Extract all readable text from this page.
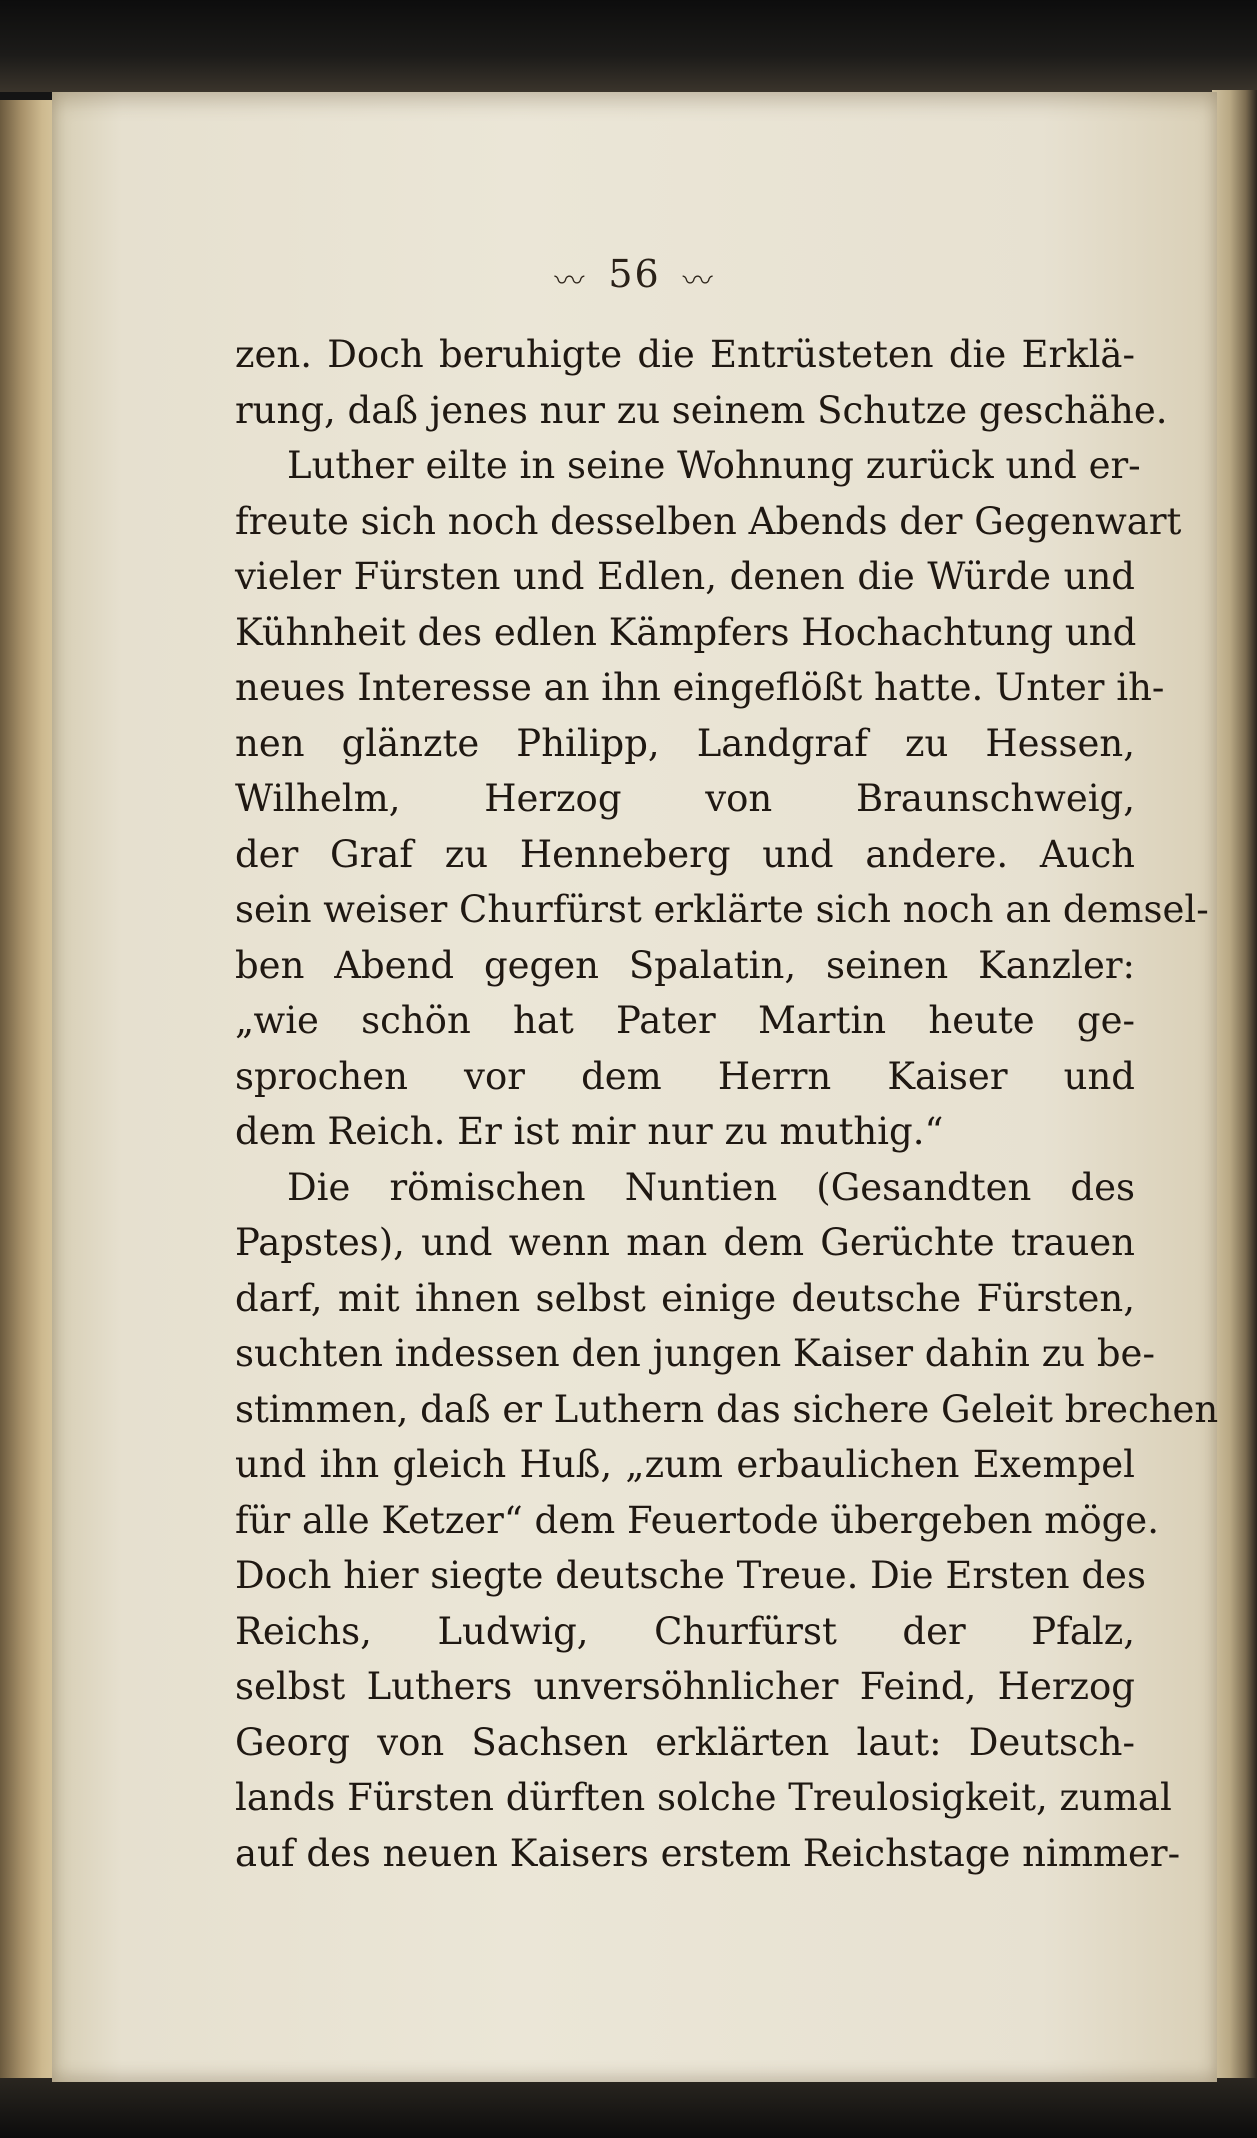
〰 56 〰
zen. Doch beruhigte die Entrüsteten die Erklä-
rung, daß jenes nur zu seinem Schutze geschähe.
Luther eilte in seine Wohnung zurück und er-
freute sich noch desselben Abends der Gegenwart
vieler Fürsten und Edlen, denen die Würde und
Kühnheit des edlen Kämpfers Hochachtung und
neues Interesse an ihn eingeflößt hatte. Unter ih-
nen glänzte Philipp, Landgraf zu Hessen,
Wilhelm, Herzog von Braunschweig,
der Graf zu Henneberg und andere. Auch
sein weiser Churfürst erklärte sich noch an demsel-
ben Abend gegen Spalatin, seinen Kanzler:
„wie schön hat Pater Martin heute ge-
sprochen vor dem Herrn Kaiser und
dem Reich. Er ist mir nur zu muthig.“
Die römischen Nuntien (Gesandten des
Papstes), und wenn man dem Gerüchte trauen
darf, mit ihnen selbst einige deutsche Fürsten,
suchten indessen den jungen Kaiser dahin zu be-
stimmen, daß er Luthern das sichere Geleit brechen
und ihn gleich Huß, „zum erbaulichen Exempel
für alle Ketzer“ dem Feuertode übergeben möge.
Doch hier siegte deutsche Treue. Die Ersten des
Reichs, Ludwig, Churfürst der Pfalz,
selbst Luthers unversöhnlicher Feind, Herzog
Georg von Sachsen erklärten laut: Deutsch-
lands Fürsten dürften solche Treulosigkeit, zumal
auf des neuen Kaisers erstem Reichstage nimmer-
